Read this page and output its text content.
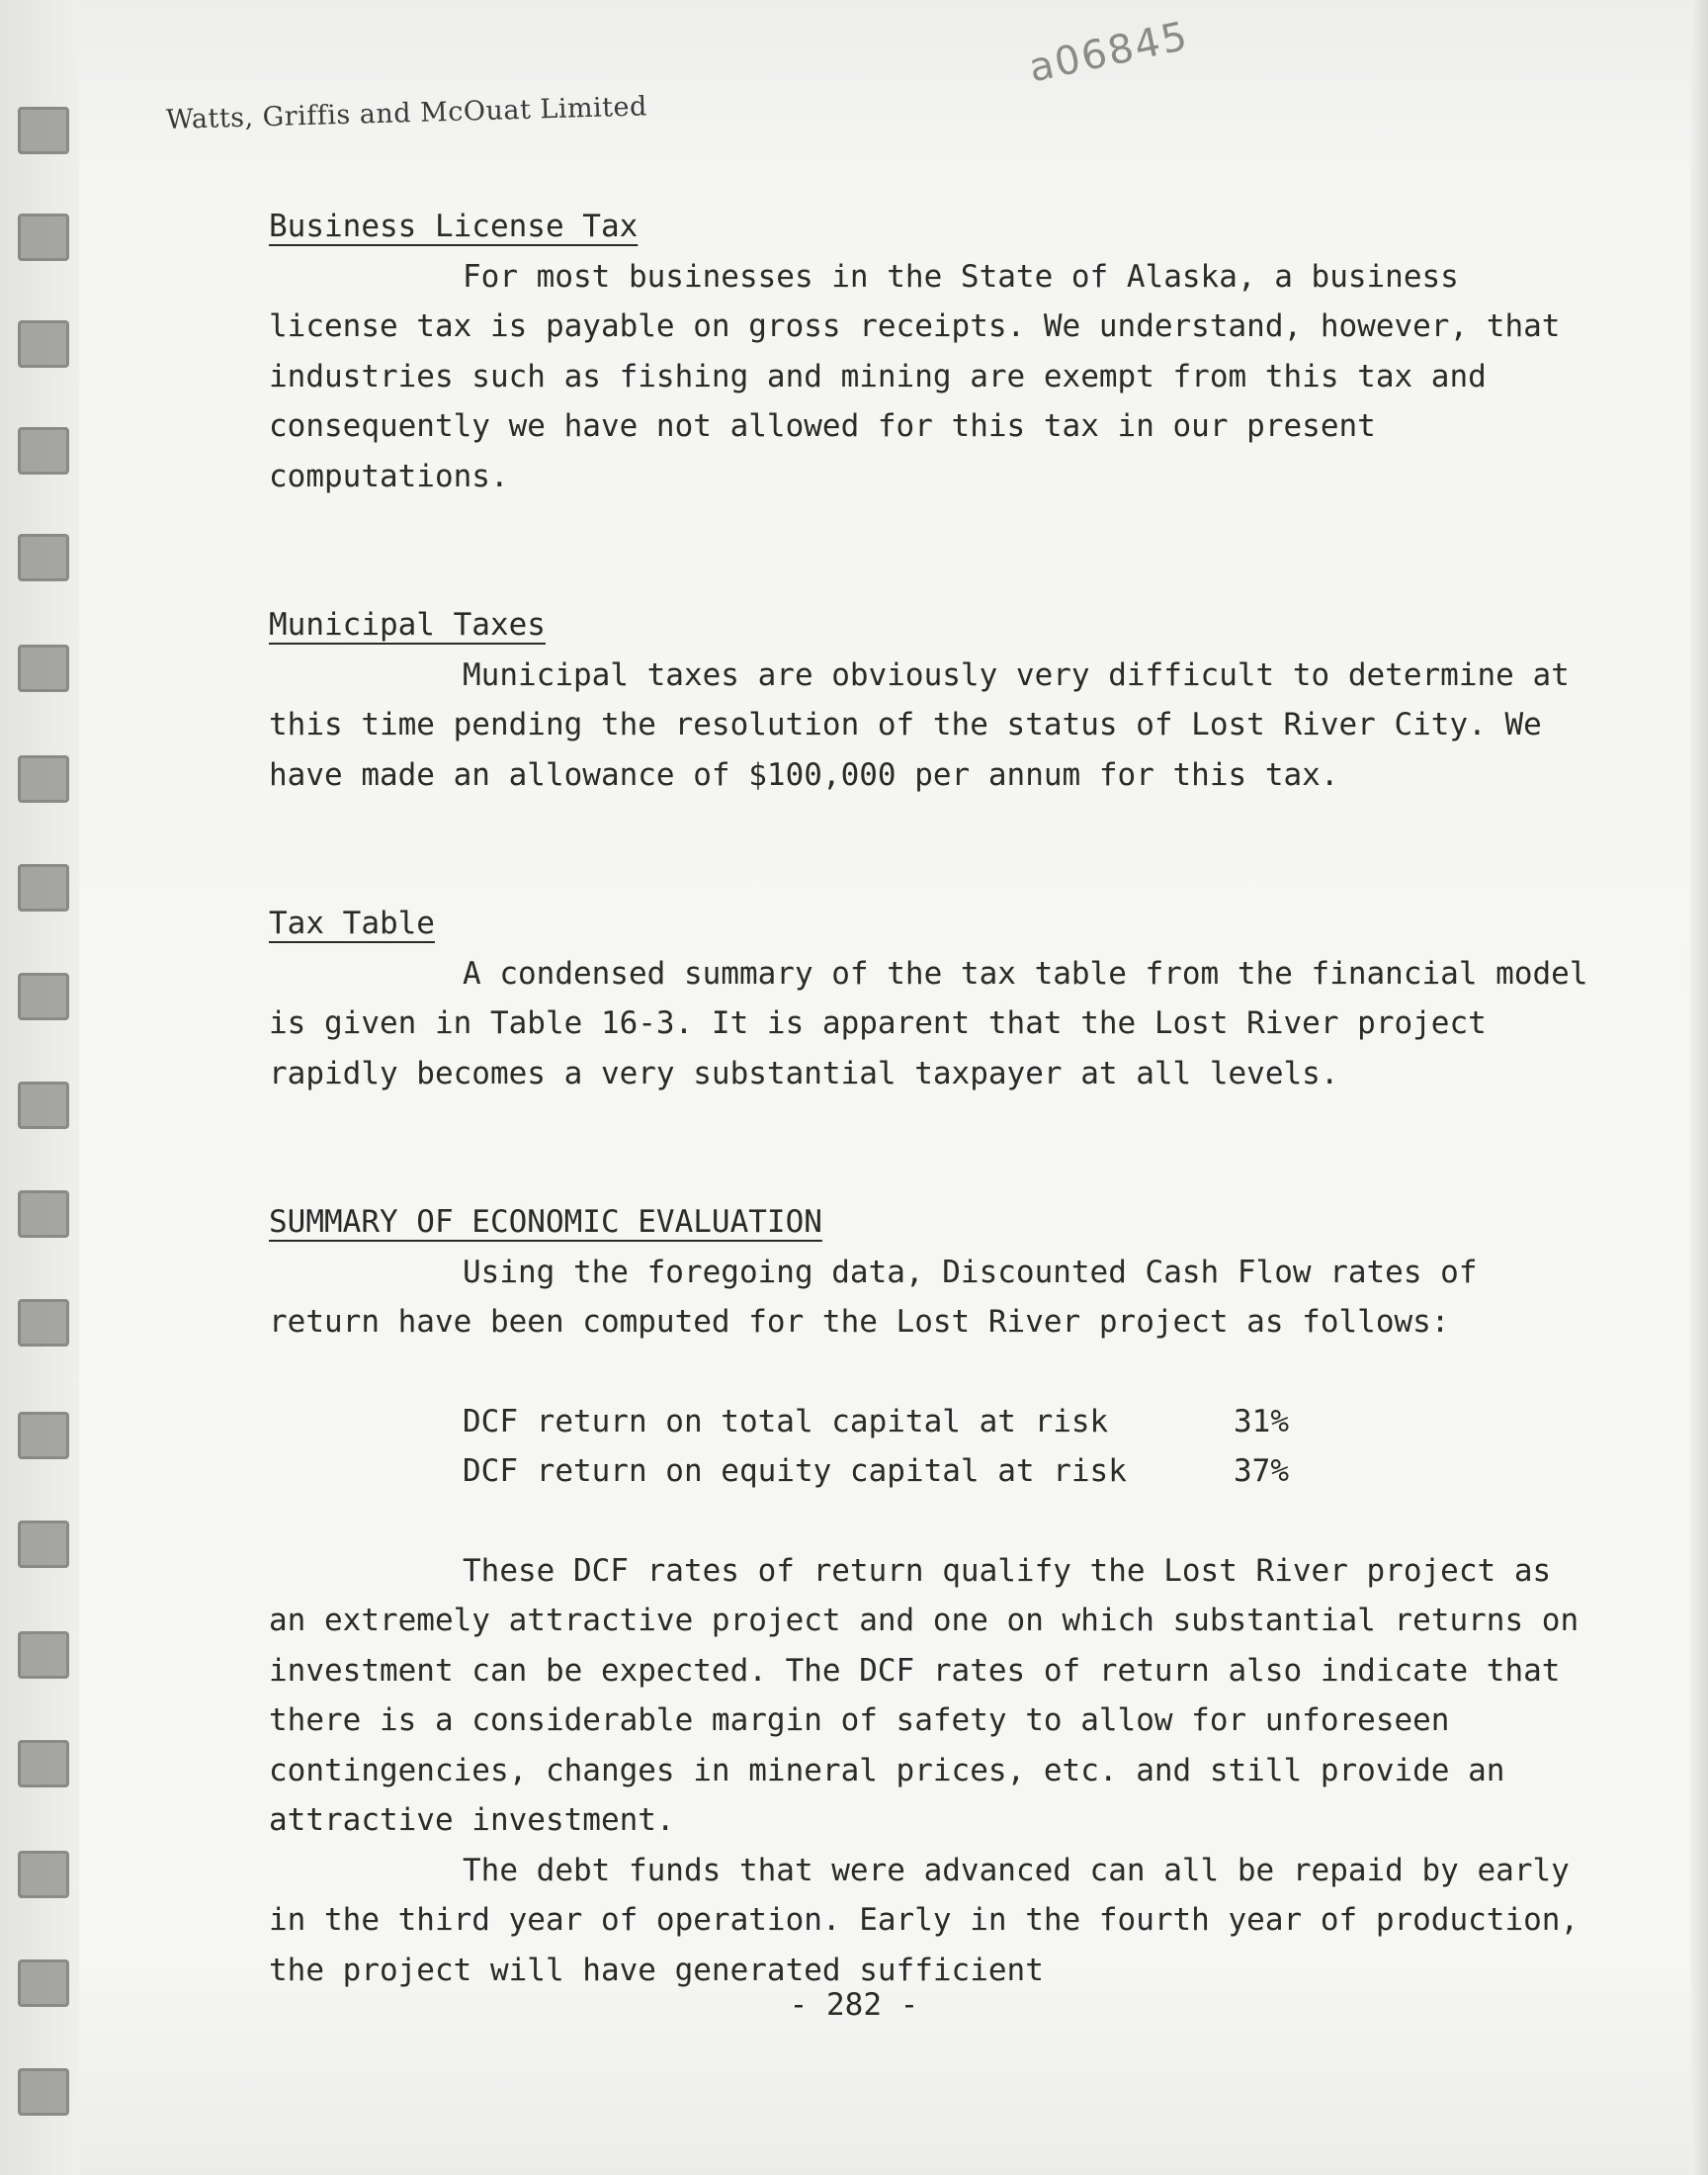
Watts, Griffis and McOuat Limited
a06845
Business License Tax

For most businesses in the State of Alaska, a business license tax is payable on gross receipts. We understand, however, that industries such as fishing and mining are exempt from this tax and consequently we have not allowed for this tax in our present computations.

Municipal Taxes

Municipal taxes are obviously very difficult to determine at this time pending the resolution of the status of Lost River City. We have made an allowance of $100,000 per annum for this tax.

Tax Table

A condensed summary of the tax table from the financial model is given in Table 16-3. It is apparent that the Lost River project rapidly becomes a very substantial taxpayer at all levels.

SUMMARY OF ECONOMIC EVALUATION

Using the foregoing data, Discounted Cash Flow rates of return have been computed for the Lost River project as follows:

DCF return on total capital at risk	31%
DCF return on equity capital at risk	37%

These DCF rates of return qualify the Lost River project as an extremely attractive project and one on which substantial returns on investment can be expected. The DCF rates of return also indicate that there is a considerable margin of safety to allow for unforeseen contingencies, changes in mineral prices, etc. and still provide an attractive investment.

The debt funds that were advanced can all be repaid by early in the third year of operation. Early in the fourth year of production, the project will have generated sufficient

- 282 -
